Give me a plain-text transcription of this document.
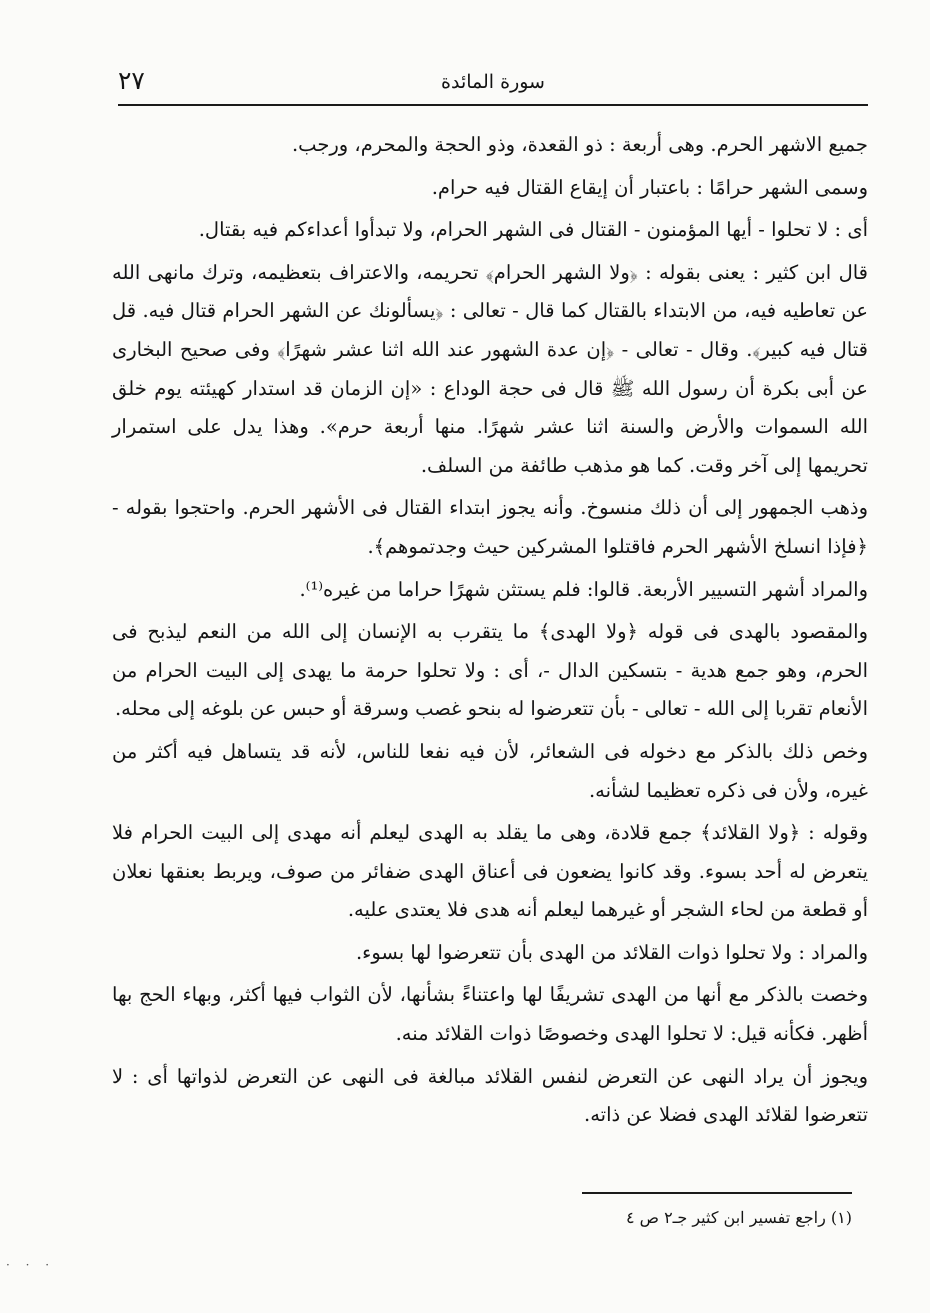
٢٧	سورة المائدة

جميع الاشهر الحرم. وهى أربعة : ذو القعدة، وذو الحجة والمحرم، ورجب.

وسمى الشهر حرامًا : باعتبار أن إيقاع القتال فيه حرام.

أى : لا تحلوا - أيها المؤمنون - القتال فى الشهر الحرام، ولا تبدأوا أعداءكم فيه بقتال.

قال ابن كثير : يعنى بقوله : ﴿ولا الشهر الحرام﴾ تحريمه، والاعتراف بتعظيمه، وترك مانهى الله عن تعاطيه فيه، من الابتداء بالقتال كما قال - تعالى : ﴿يسألونك عن الشهر الحرام قتال فيه. قل قتال فيه كبير﴾. وقال - تعالى - ﴿إن عدة الشهور عند الله اثنا عشر شهرًا﴾ وفى صحيح البخارى عن أبى بكرة أن رسول الله ﷺ قال فى حجة الوداع : «إن الزمان قد استدار كهيئته يوم خلق الله السموات والأرض والسنة اثنا عشر شهرًا. منها أربعة حرم». وهذا يدل على استمرار تحريمها إلى آخر وقت. كما هو مذهب طائفة من السلف.

وذهب الجمهور إلى أن ذلك منسوخ. وأنه يجوز ابتداء القتال فى الأشهر الحرم. واحتجوا بقوله - ﴿فإذا انسلخ الأشهر الحرم فاقتلوا المشركين حيث وجدتموهم﴾.

والمراد أشهر التسيير الأربعة. قالوا: فلم يستثن شهرًا حراما من غيره⁽¹⁾.

والمقصود بالهدى فى قوله ﴿ولا الهدى﴾ ما يتقرب به الإنسان إلى الله من النعم ليذبح فى الحرم، وهو جمع هدية - بتسكين الدال -، أى : ولا تحلوا حرمة ما يهدى إلى البيت الحرام من الأنعام تقربا إلى الله - تعالى - بأن تتعرضوا له بنحو غصب وسرقة أو حبس عن بلوغه إلى محله.

وخص ذلك بالذكر مع دخوله فى الشعائر، لأن فيه نفعا للناس، لأنه قد يتساهل فيه أكثر من غيره، ولأن فى ذكره تعظيما لشأنه.

وقوله : ﴿ولا القلائد﴾ جمع قلادة، وهى ما يقلد به الهدى ليعلم أنه مهدى إلى البيت الحرام فلا يتعرض له أحد بسوء. وقد كانوا يضعون فى أعناق الهدى ضفائر من صوف، ويربط بعنقها نعلان أو قطعة من لحاء الشجر أو غيرهما ليعلم أنه هدى فلا يعتدى عليه.

والمراد : ولا تحلوا ذوات القلائد من الهدى بأن تتعرضوا لها بسوء.

وخصت بالذكر مع أنها من الهدى تشريفًا لها واعتناءً بشأنها، لأن الثواب فيها أكثر، وبهاء الحج بها أظهر. فكأنه قيل: لا تحلوا الهدى وخصوصًا ذوات القلائد منه.

ويجوز أن يراد النهى عن التعرض لنفس القلائد مبالغة فى النهى عن التعرض لذواتها أى : لا تتعرضوا لقلائد الهدى فضلا عن ذاته.

(١) راجع تفسير ابن كثير جـ٢ ص ٤
· · ·
